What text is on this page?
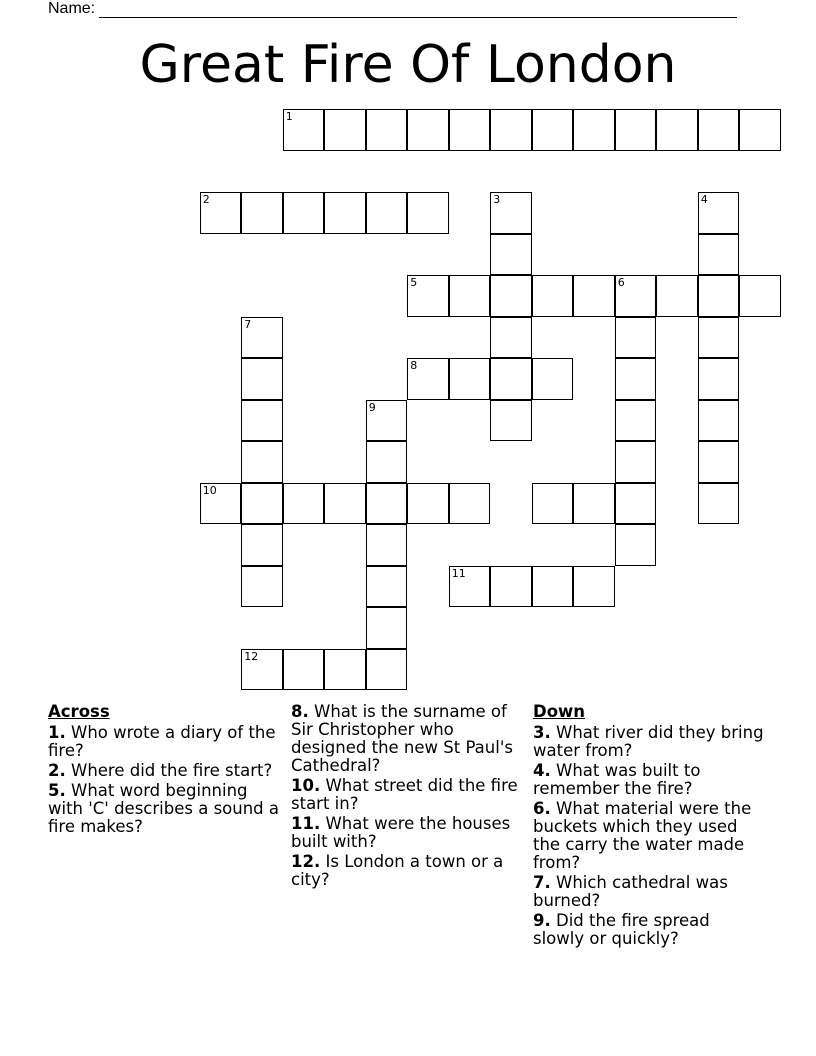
Name:
Great Fire Of London
1
2	3	4
5	6
7
8
9
10
11
12
Across
1. Who wrote a diary of the fire?
2. Where did the fire start?
5. What word beginning with 'C' describes a sound a fire makes?
8. What is the surname of Sir Christopher who designed the new St Paul's Cathedral?
10. What street did the fire start in?
11. What were the houses built with?
12. Is London a town or a city?
Down
3. What river did they bring water from?
4. What was built to remember the fire?
6. What material were the buckets which they used the carry the water made from?
7. Which cathedral was burned?
9. Did the fire spread slowly or quickly?
